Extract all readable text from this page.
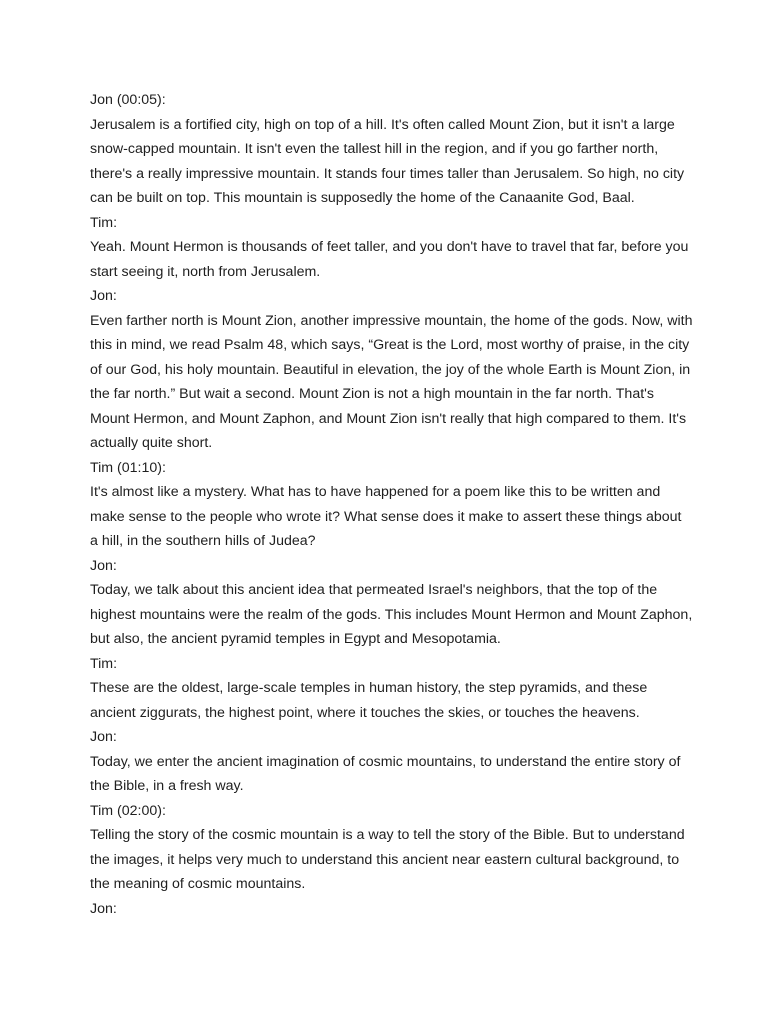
Jon (00:05):
Jerusalem is a fortified city, high on top of a hill. It's often called Mount Zion, but it isn't a large
snow-capped mountain. It isn't even the tallest hill in the region, and if you go farther north,
there's a really impressive mountain. It stands four times taller than Jerusalem. So high, no city
can be built on top. This mountain is supposedly the home of the Canaanite God, Baal.
Tim:
Yeah. Mount Hermon is thousands of feet taller, and you don't have to travel that far, before you
start seeing it, north from Jerusalem.
Jon:
Even farther north is Mount Zion, another impressive mountain, the home of the gods. Now, with
this in mind, we read Psalm 48, which says, “Great is the Lord, most worthy of praise, in the city
of our God, his holy mountain. Beautiful in elevation, the joy of the whole Earth is Mount Zion, in
the far north.” But wait a second. Mount Zion is not a high mountain in the far north. That's
Mount Hermon, and Mount Zaphon, and Mount Zion isn't really that high compared to them. It's
actually quite short.
Tim (01:10):
It's almost like a mystery. What has to have happened for a poem like this to be written and
make sense to the people who wrote it? What sense does it make to assert these things about
a hill, in the southern hills of Judea?
Jon:
Today, we talk about this ancient idea that permeated Israel's neighbors, that the top of the
highest mountains were the realm of the gods. This includes Mount Hermon and Mount Zaphon,
but also, the ancient pyramid temples in Egypt and Mesopotamia.
Tim:
These are the oldest, large-scale temples in human history, the step pyramids, and these
ancient ziggurats, the highest point, where it touches the skies, or touches the heavens.
Jon:
Today, we enter the ancient imagination of cosmic mountains, to understand the entire story of
the Bible, in a fresh way.
Tim (02:00):
Telling the story of the cosmic mountain is a way to tell the story of the Bible. But to understand
the images, it helps very much to understand this ancient near eastern cultural background, to
the meaning of cosmic mountains.
Jon:
